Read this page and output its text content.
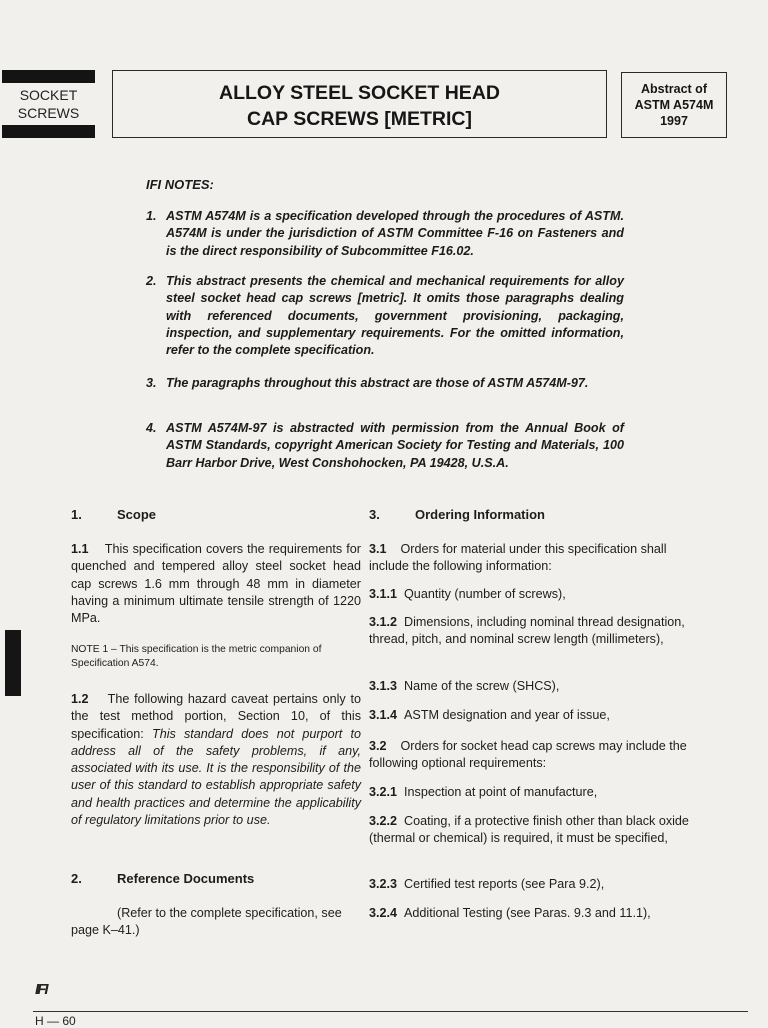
SOCKET
SCREWS
ALLOY STEEL SOCKET HEAD
CAP SCREWS [METRIC]
Abstract of
ASTM A574M
1997
IFI NOTES:
1. ASTM A574M is a specification developed through the procedures of ASTM. A574M is under the jurisdiction of ASTM Committee F-16 on Fasteners and is the direct responsibility of Subcommittee F16.02.
2. This abstract presents the chemical and mechanical requirements for alloy steel socket head cap screws [metric]. It omits those paragraphs dealing with referenced documents, government provisioning, packaging, inspection, and supplementary requirements. For the omitted information, refer to the complete specification.
3. The paragraphs throughout this abstract are those of ASTM A574M-97.
4. ASTM A574M-97 is abstracted with permission from the Annual Book of ASTM Standards, copyright American Society for Testing and Materials, 100 Barr Harbor Drive, West Conshohocken, PA 19428, U.S.A.
1.	Scope
1.1 This specification covers the requirements for quenched and tempered alloy steel socket head cap screws 1.6 mm through 48 mm in diameter having a minimum ultimate tensile strength of 1220 MPa.
NOTE 1 – This specification is the metric companion of Specification A574.
1.2 The following hazard caveat pertains only to the test method portion, Section 10, of this specification: This standard does not purport to address all of the safety problems, if any, associated with its use. It is the responsibility of the user of this standard to establish appropriate safety and health practices and determine the applicability of regulatory limitations prior to use.
2.	Reference Documents
(Refer to the complete specification, see page K–41.)
3.	Ordering Information
3.1 Orders for material under this specification shall include the following information:
3.1.1 Quantity (number of screws),
3.1.2 Dimensions, including nominal thread designation, thread, pitch, and nominal screw length (millimeters),
3.1.3 Name of the screw (SHCS),
3.1.4 ASTM designation and year of issue,
3.2 Orders for socket head cap screws may include the following optional requirements:
3.2.1 Inspection at point of manufacture,
3.2.2 Coating, if a protective finish other than black oxide (thermal or chemical) is required, it must be specified,
3.2.3 Certified test reports (see Para 9.2),
3.2.4 Additional Testing (see Paras. 9.3 and 11.1),
IFI
H — 60
